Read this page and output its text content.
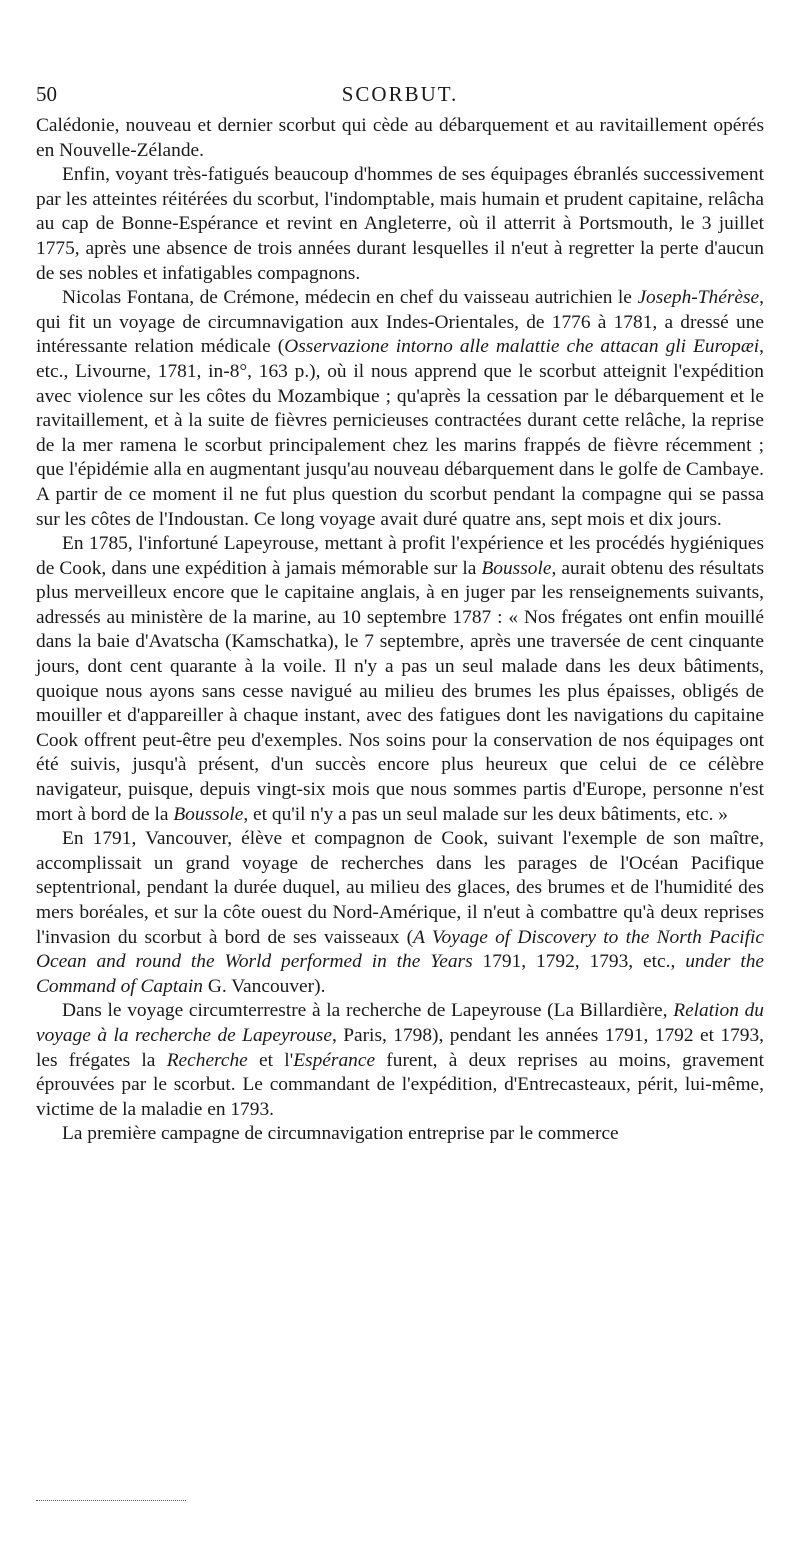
50	SCORBUT.

Calédonie, nouveau et dernier scorbut qui cède au débarquement et au ravitaillement opérés en Nouvelle-Zélande.

Enfin, voyant très-fatigués beaucoup d'hommes de ses équipages ébranlés successivement par les atteintes réitérées du scorbut, l'indomptable, mais humain et prudent capitaine, relâcha au cap de Bonne-Espérance et revint en Angleterre, où il atterrit à Portsmouth, le 3 juillet 1775, après une absence de trois années durant lesquelles il n'eut à regretter la perte d'aucun de ses nobles et infatigables compagnons.

Nicolas Fontana, de Crémone, médecin en chef du vaisseau autrichien le Joseph-Thérèse, qui fit un voyage de circumnavigation aux Indes-Orientales, de 1776 à 1781, a dressé une intéressante relation médicale (Osservazione intorno alle malattie che attacan gli Europæi, etc., Livourne, 1781, in-8°, 163 p.), où il nous apprend que le scorbut atteignit l'expédition avec violence sur les côtes du Mozambique ; qu'après la cessation par le débarquement et le ravitaillement, et à la suite de fièvres pernicieuses contractées durant cette relâche, la reprise de la mer ramena le scorbut principalement chez les marins frappés de fièvre récemment ; que l'épidémie alla en augmentant jusqu'au nouveau débarquement dans le golfe de Cambaye. A partir de ce moment il ne fut plus question du scorbut pendant la compagne qui se passa sur les côtes de l'Indoustan. Ce long voyage avait duré quatre ans, sept mois et dix jours.

En 1785, l'infortuné Lapeyrouse, mettant à profit l'expérience et les procédés hygiéniques de Cook, dans une expédition à jamais mémorable sur la Boussole, aurait obtenu des résultats plus merveilleux encore que le capitaine anglais, à en juger par les renseignements suivants, adressés au ministère de la marine, au 10 septembre 1787 : « Nos frégates ont enfin mouillé dans la baie d'Avatscha (Kamschatka), le 7 septembre, après une traversée de cent cinquante jours, dont cent quarante à la voile. Il n'y a pas un seul malade dans les deux bâtiments, quoique nous ayons sans cesse navigué au milieu des brumes les plus épaisses, obligés de mouiller et d'appareiller à chaque instant, avec des fatigues dont les navigations du capitaine Cook offrent peut-être peu d'exemples. Nos soins pour la conservation de nos équipages ont été suivis, jusqu'à présent, d'un succès encore plus heureux que celui de ce célèbre navigateur, puisque, depuis vingt-six mois que nous sommes partis d'Europe, personne n'est mort à bord de la Boussole, et qu'il n'y a pas un seul malade sur les deux bâtiments, etc. »

En 1791, Vancouver, élève et compagnon de Cook, suivant l'exemple de son maître, accomplissait un grand voyage de recherches dans les parages de l'Océan Pacifique septentrional, pendant la durée duquel, au milieu des glaces, des brumes et de l'humidité des mers boréales, et sur la côte ouest du Nord-Amérique, il n'eut à combattre qu'à deux reprises l'invasion du scorbut à bord de ses vaisseaux (A Voyage of Discovery to the North Pacific Ocean and round the World performed in the Years 1791, 1792, 1793, etc., under the Command of Captain G. Vancouver).

Dans le voyage circumterrestre à la recherche de Lapeyrouse (La Billardière, Relation du voyage à la recherche de Lapeyrouse, Paris, 1798), pendant les années 1791, 1792 et 1793, les frégates la Recherche et l'Espérance furent, à deux reprises au moins, gravement éprouvées par le scorbut. Le commandant de l'expédition, d'Entrecasteaux, périt, lui-même, victime de la maladie en 1793.

La première campagne de circumnavigation entreprise par le commerce
